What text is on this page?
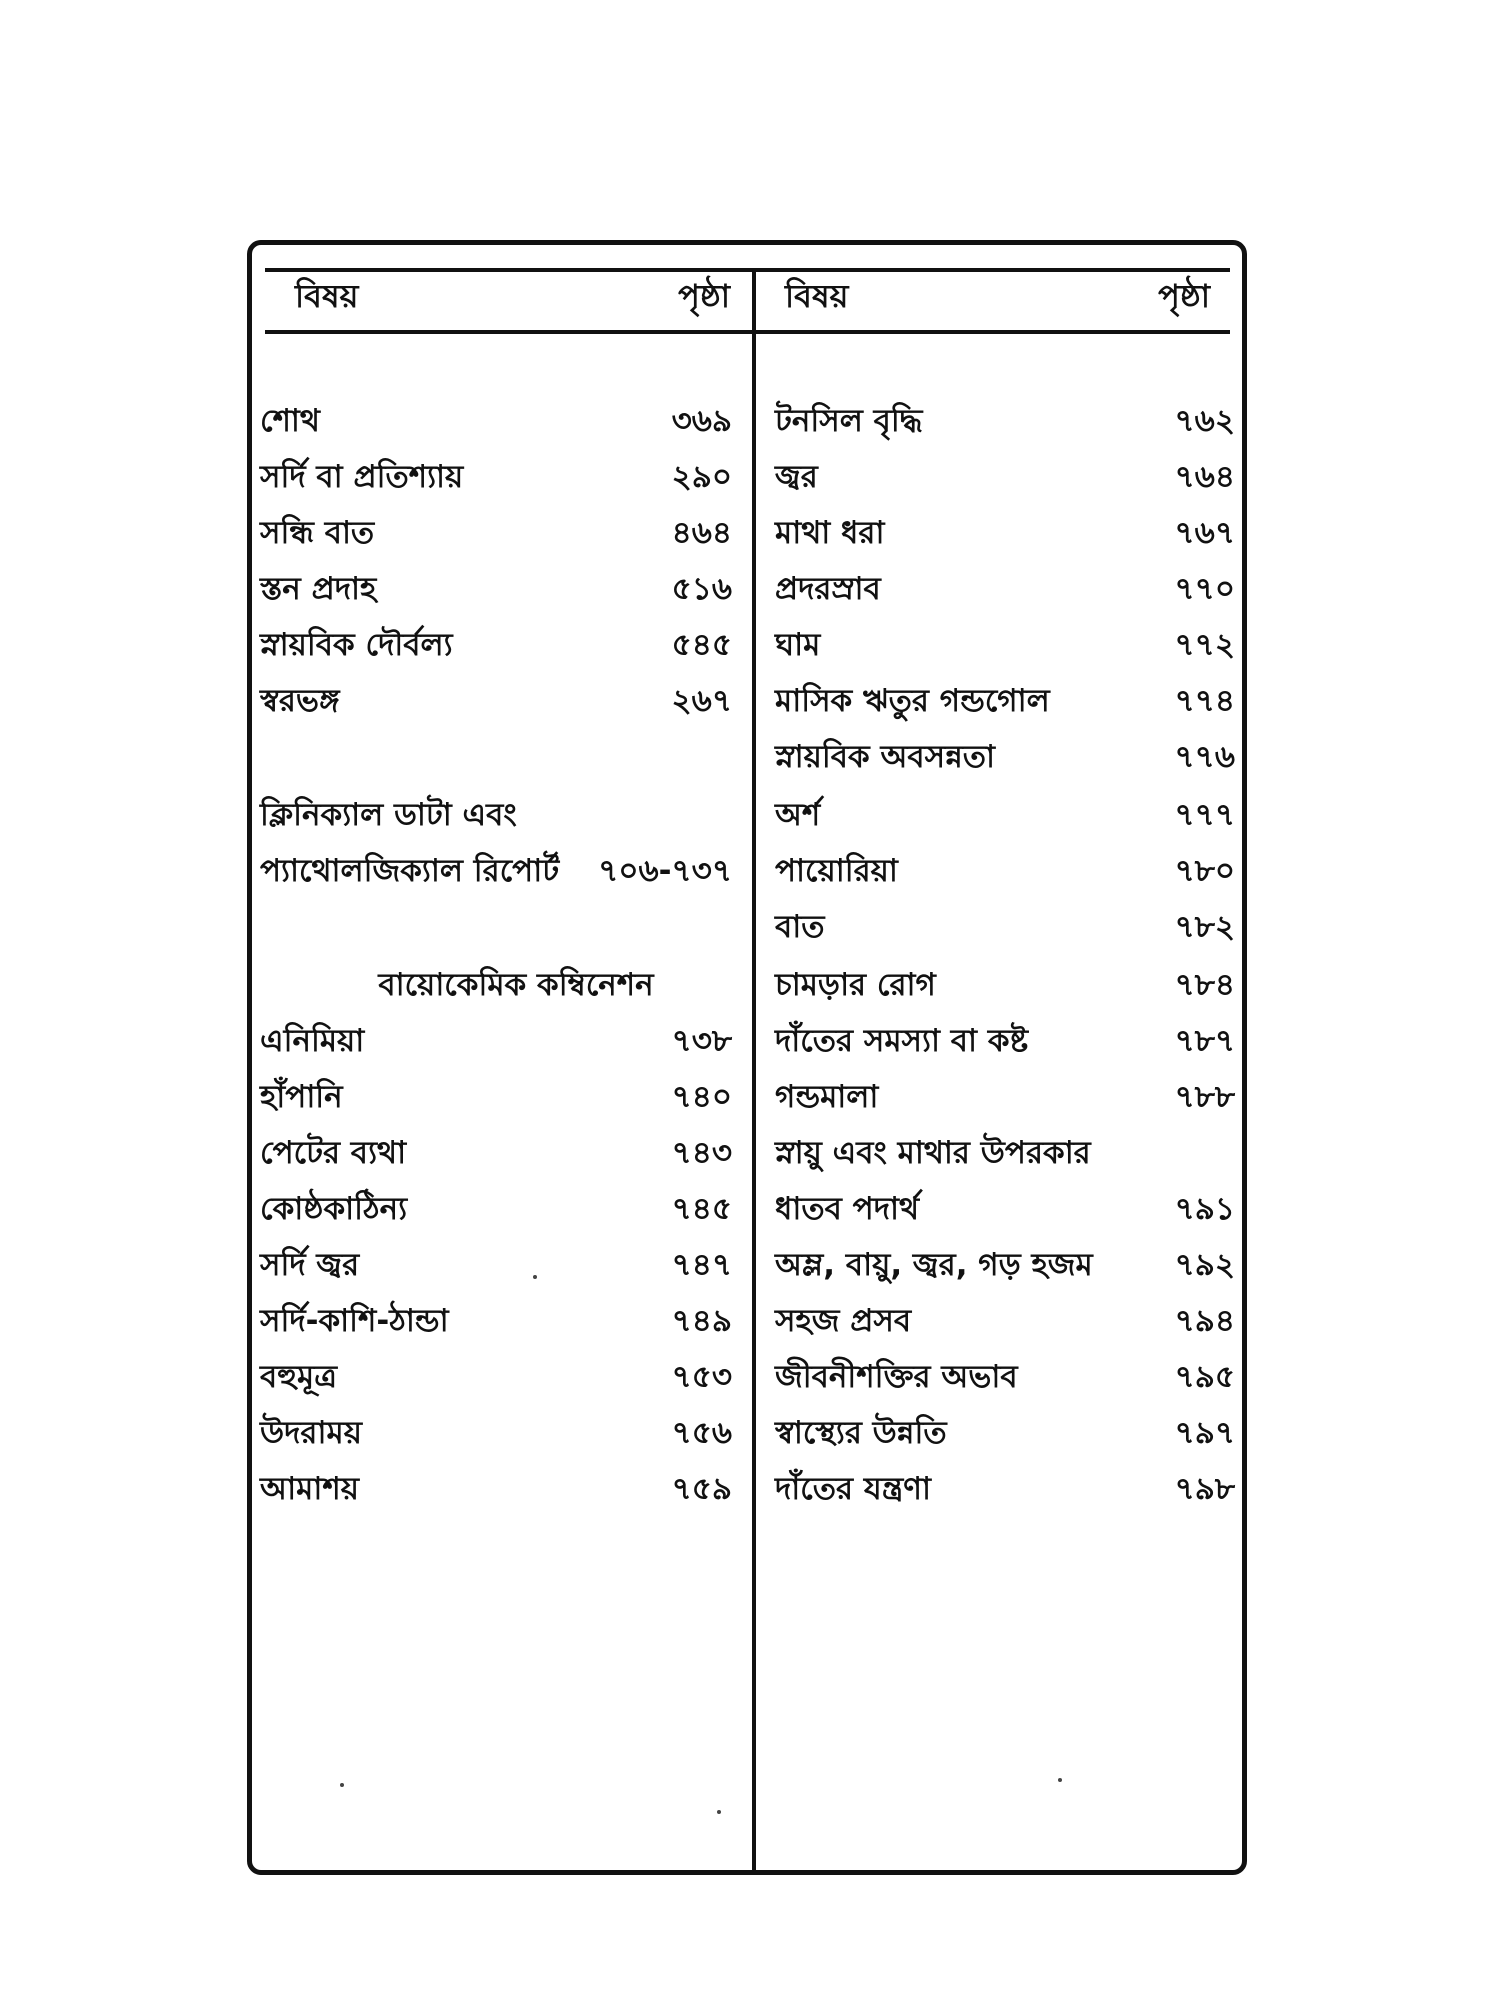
বিষয়	পৃষ্ঠা বিষয়	পৃষ্ঠা
শোথ	৩৬৯
সর্দি বা প্রতিশ্যায়	২৯০
সন্ধি বাত	৪৬৪
স্তন প্রদাহ	৫১৬
স্নায়বিক দৌর্বল্য	৫৪৫
স্বরভঙ্গ	২৬৭
ক্লিনিক্যাল ডাটা এবং
প্যাথোলজিক্যাল রিপোর্ট ৭০৬-৭৩৭
বায়োকেমিক কম্বিনেশন
এনিমিয়া	৭৩৮
হাঁপানি	৭৪০
পেটের ব্যথা	৭৪৩
কোষ্ঠকাঠিন্য	৭৪৫
সর্দি জ্বর	৭৪৭
সর্দি-কাশি-ঠান্ডা	৭৪৯
বহুমূত্র	৭৫৩
উদরাময়	৭৫৬
আমাশয়	৭৫৯
টনসিল বৃদ্ধি	৭৬২
জ্বর	৭৬৪
মাথা ধরা	৭৬৭
প্রদরস্রাব	৭৭০
ঘাম	৭৭২
মাসিক ঋতুর গন্ডগোল	৭৭৪
স্নায়বিক অবসন্নতা	৭৭৬
অর্শ	৭৭৭
পায়োরিয়া	৭৮০
বাত	৭৮২
চামড়ার রোগ	৭৮৪
দাঁতের সমস্যা বা কষ্ট	৭৮৭
গন্ডমালা	৭৮৮
স্নায়ু এবং মাথার উপরকার
ধাতব পদার্থ	৭৯১
অম্ল, বায়ু, জ্বর, গড় হজম	৭৯২
সহজ প্রসব	৭৯৪
জীবনীশক্তির অভাব	৭৯৫
স্বাস্থ্যের উন্নতি	৭৯৭
দাঁতের যন্ত্রণা	৭৯৮
